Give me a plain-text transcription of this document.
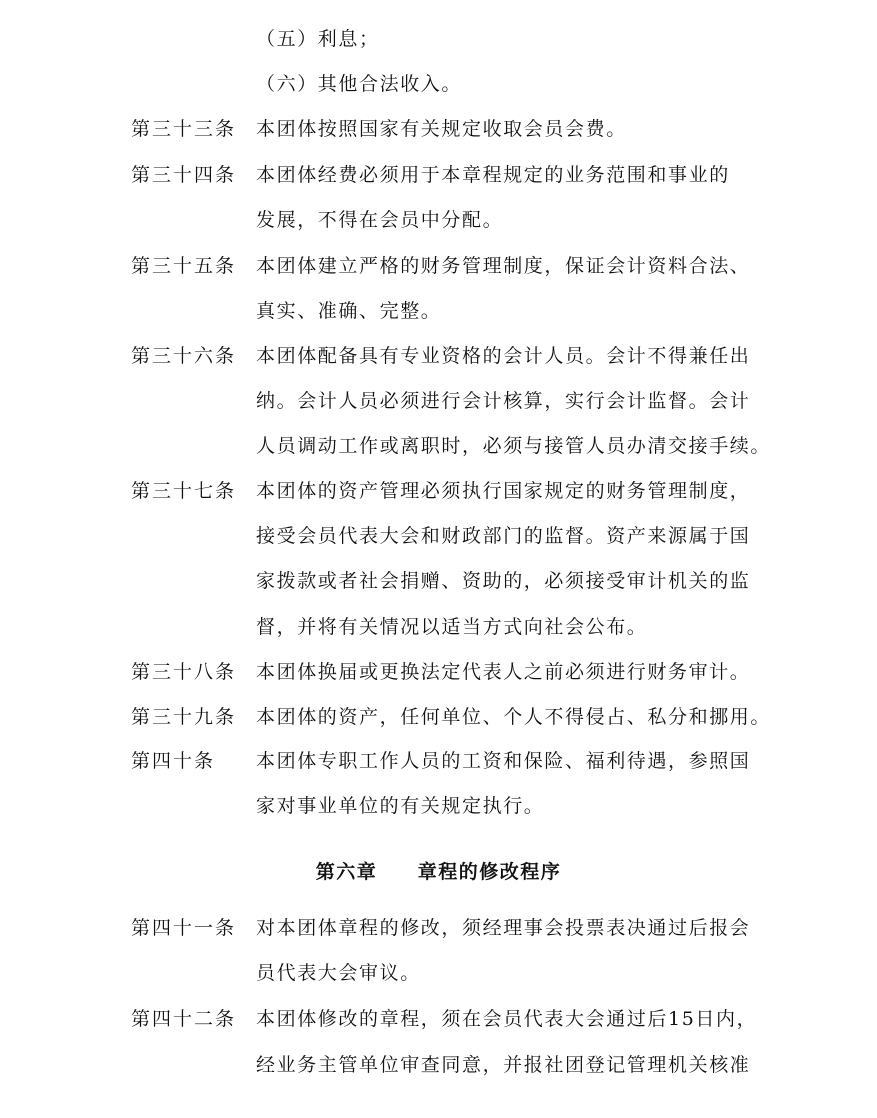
（五）利息；
（六）其他合法收入。
第三十三条 本团体按照国家有关规定收取会员会费。
第三十四条 本团体经费必须用于本章程规定的业务范围和事业的
发展，不得在会员中分配。
第三十五条 本团体建立严格的财务管理制度，保证会计资料合法、
真实、准确、完整。
第三十六条 本团体配备具有专业资格的会计人员。会计不得兼任出
纳。会计人员必须进行会计核算，实行会计监督。会计
人员调动工作或离职时，必须与接管人员办清交接手续。
第三十七条 本团体的资产管理必须执行国家规定的财务管理制度，
接受会员代表大会和财政部门的监督。资产来源属于国
家拨款或者社会捐赠、资助的，必须接受审计机关的监
督，并将有关情况以适当方式向社会公布。
第三十八条 本团体换届或更换法定代表人之前必须进行财务审计。
第三十九条 本团体的资产，任何单位、个人不得侵占、私分和挪用。
第四十条 本团体专职工作人员的工资和保险、福利待遇，参照国
家对事业单位的有关规定执行。
第六章     章程的修改程序
第四十一条 对本团体章程的修改，须经理事会投票表决通过后报会
员代表大会审议。
第四十二条 本团体修改的章程，须在会员代表大会通过后15日内，
经业务主管单位审查同意，并报社团登记管理机关核准
